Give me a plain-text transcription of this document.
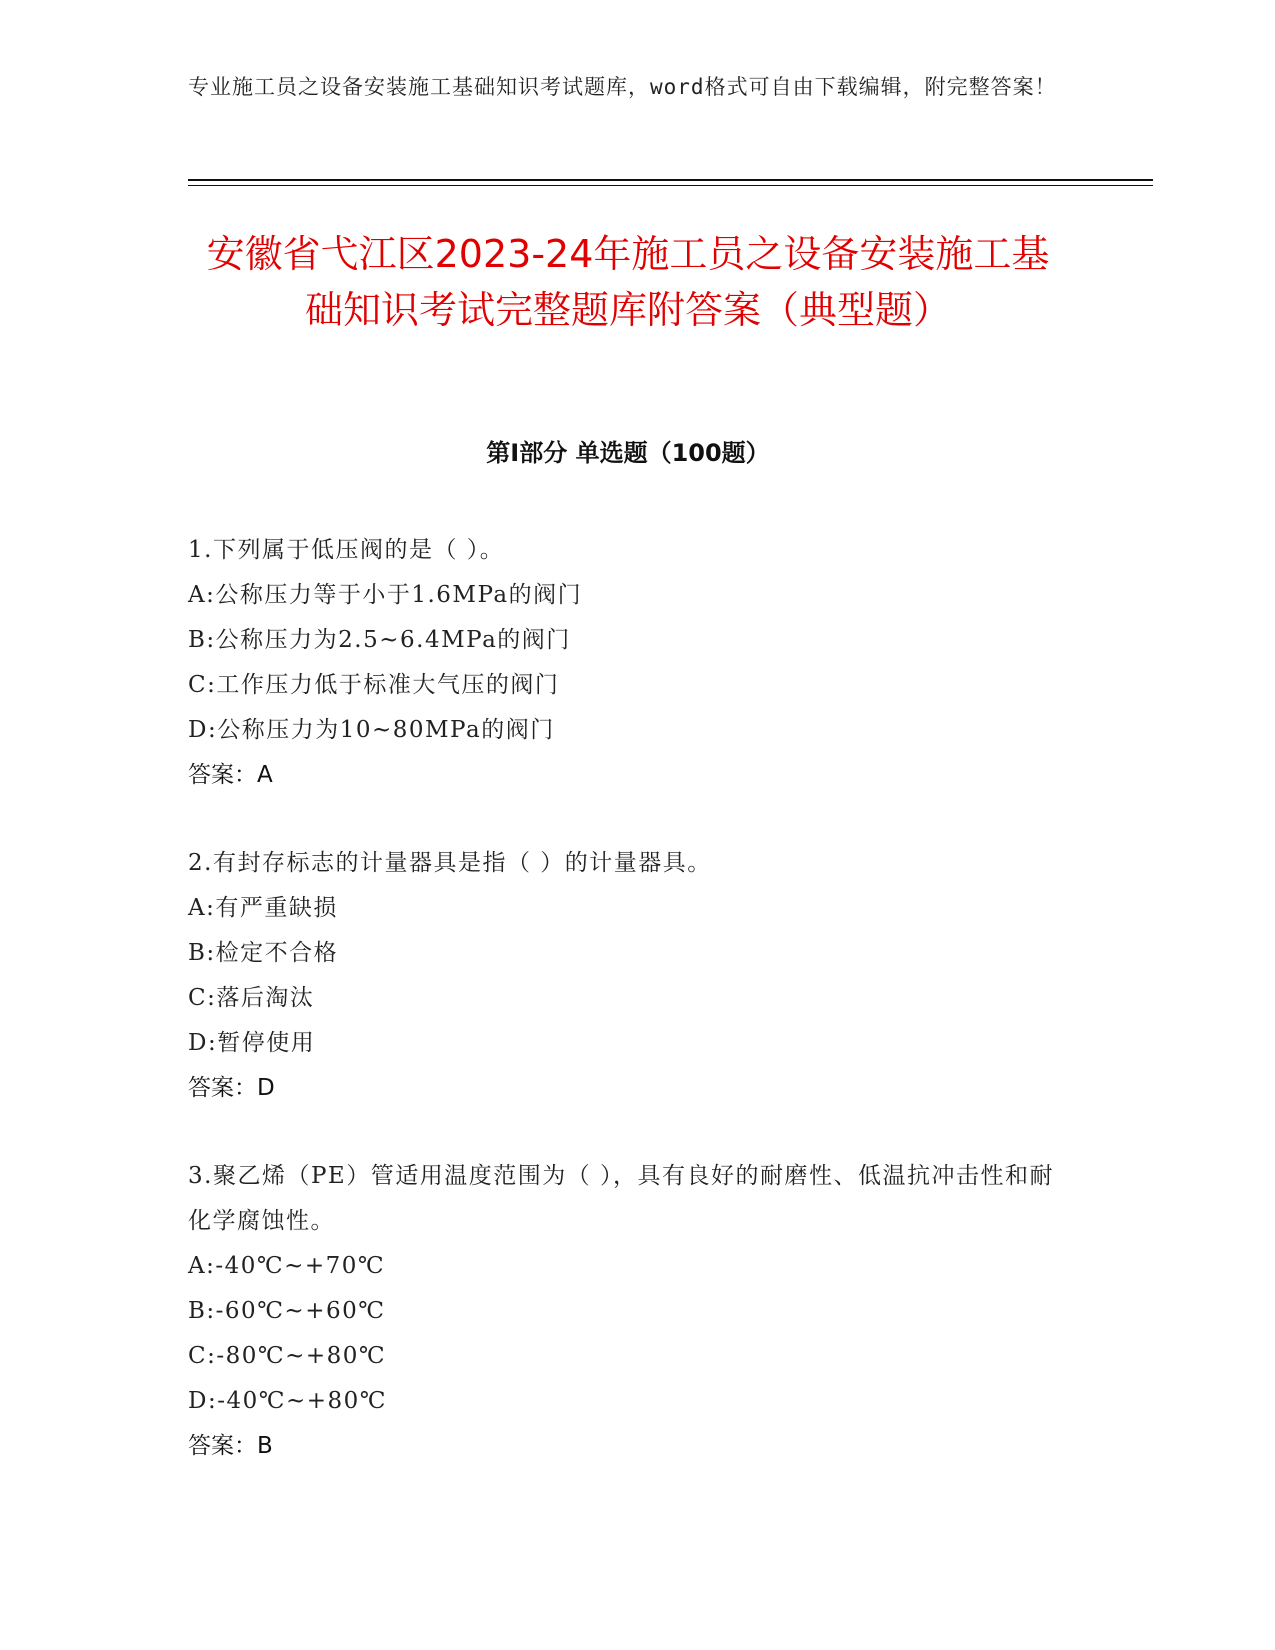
专业施工员之设备安装施工基础知识考试题库，word格式可自由下载编辑，附完整答案！
安徽省弋江区2023-24年施工员之设备安装施工基础知识考试完整题库附答案（典型题）
第Ⅰ部分 单选题（100题）
1.下列属于低压阀的是（ ）。
A:公称压力等于小于1.6MPa的阀门
B:公称压力为2.5~6.4MPa的阀门
C:工作压力低于标准大气压的阀门
D:公称压力为10~80MPa的阀门
答案：A
2.有封存标志的计量器具是指（ ）的计量器具。
A:有严重缺损
B:检定不合格
C:落后淘汰
D:暂停使用
答案：D
3.聚乙烯（PE）管适用温度范围为（ ），具有良好的耐磨性、低温抗冲击性和耐化学腐蚀性。
A:-40℃~+70℃
B:-60℃~+60℃
C:-80℃~+80℃
D:-40℃~+80℃
答案：B
